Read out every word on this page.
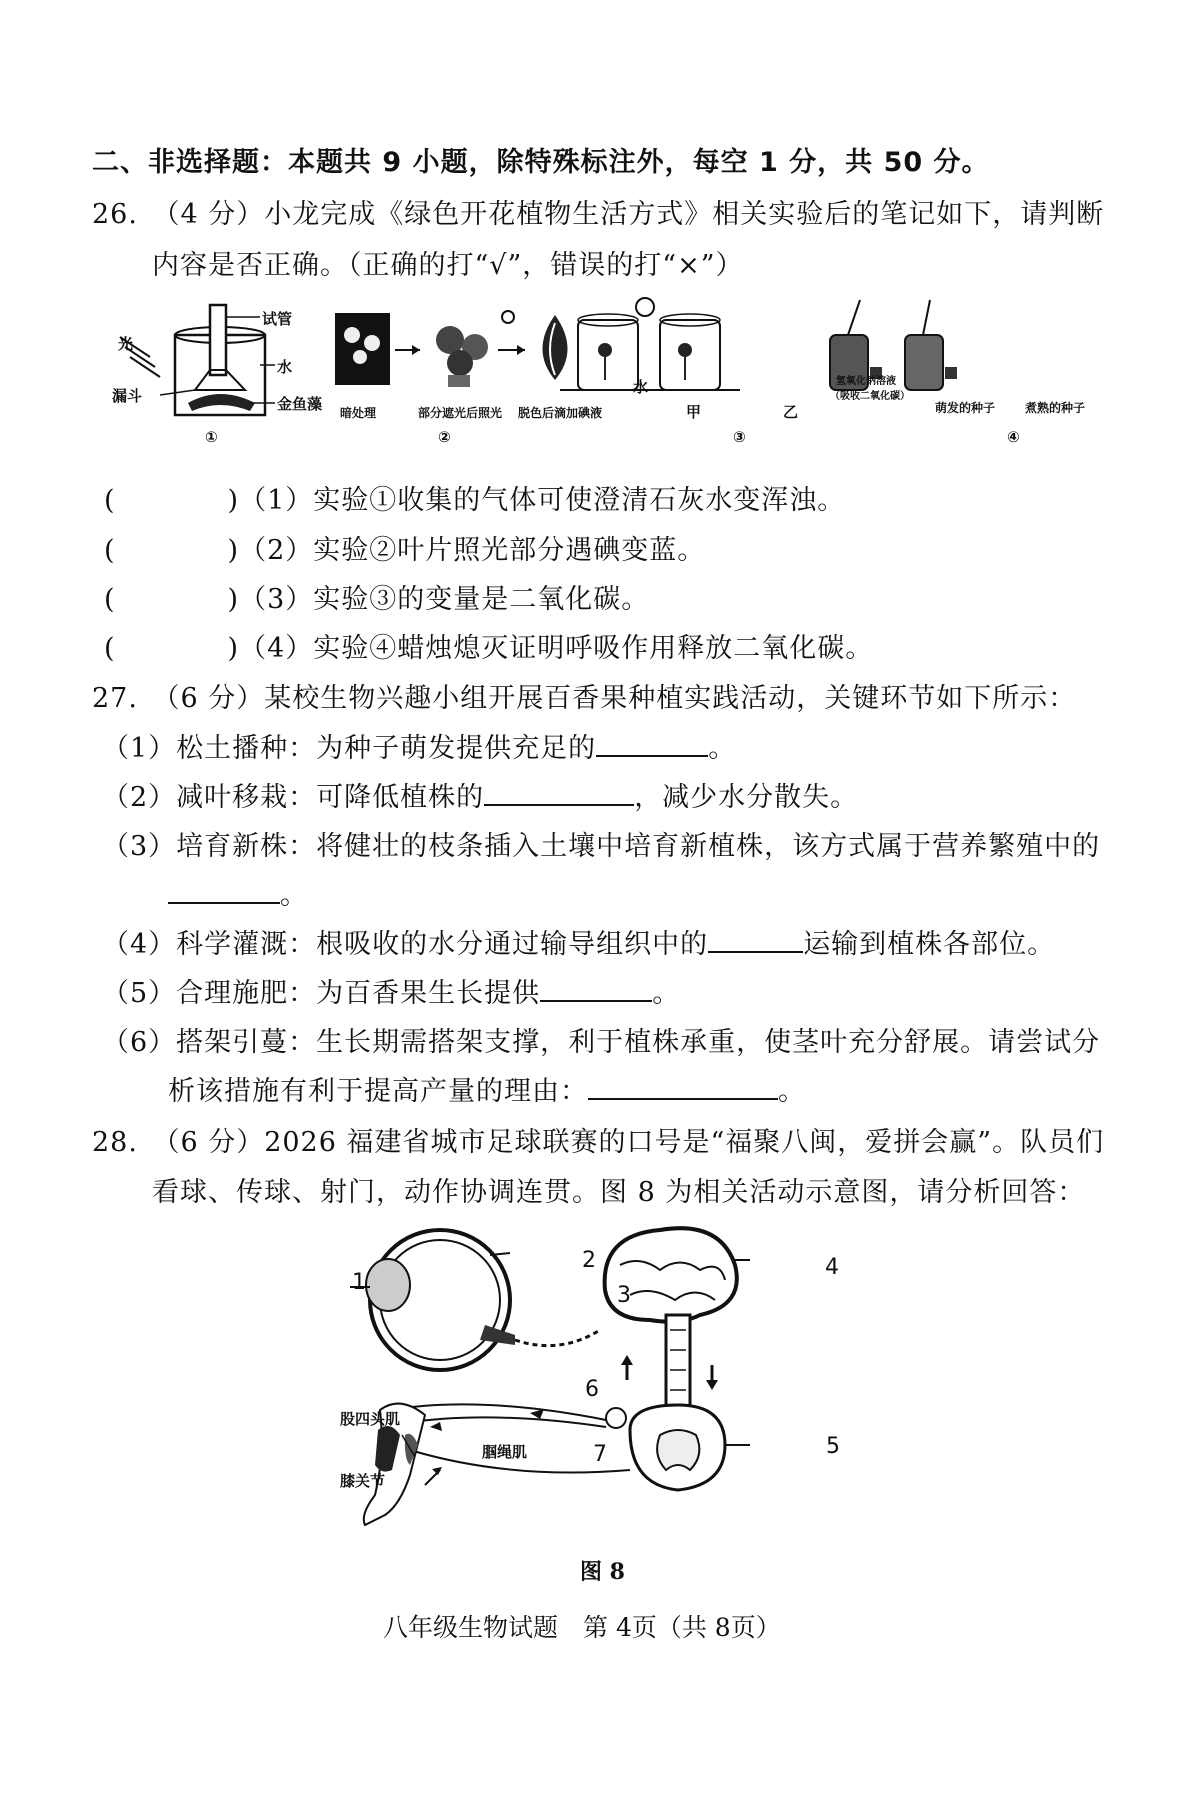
二、非选择题：本题共 9 小题，除特殊标注外，每空 1 分，共 50 分。
26.　（4 分）小龙完成《绿色开花植物生活方式》相关实验后的笔记如下，请判断
内容是否正确。（正确的打“√”，错误的打“×”）
光
试管
水
漏斗	金鱼藻
①
暗处理	部分遮光后照光 脱色后滴加碘液
②
水
甲	乙
氢氧化钠溶液
（吸收二氧化碳）
③
萌发的种子 煮熟的种子
④
(　　　　)（1）实验①收集的气体可使澄清石灰水变浑浊。
(　　　　)（2）实验②叶片照光部分遇碘变蓝。
(　　　　)（3）实验③的变量是二氧化碳。
(　　　　)（4）实验④蜡烛熄灭证明呼吸作用释放二氧化碳。
27.　（6 分）某校生物兴趣小组开展百香果种植实践活动，关键环节如下所示：
（1）松土播种：为种子萌发提供充足的	。
（2）减叶移栽：可降低植株的	，减少水分散失。
（3）培育新株：将健壮的枝条插入土壤中培育新植株，该方式属于营养繁殖中的
。
（4）科学灌溉：根吸收的水分通过输导组织中的	运输到植株各部位。
（5）合理施肥：为百香果生长提供	。
（6）搭架引蔓：生长期需搭架支撑，利于植株承重，使茎叶充分舒展。请尝试分
析该措施有利于提高产量的理由：	。
28.　（6 分）2026 福建省城市足球联赛的口号是“福聚八闽，爱拼会赢”。队员们
看球、传球、射门，动作协调连贯。图 8 为相关活动示意图，请分析回答：
1
2
3
4
5
6
7
股四头肌
腘绳肌
膝关节
图 8
八年级生物试题　第 4页（共 8页）
